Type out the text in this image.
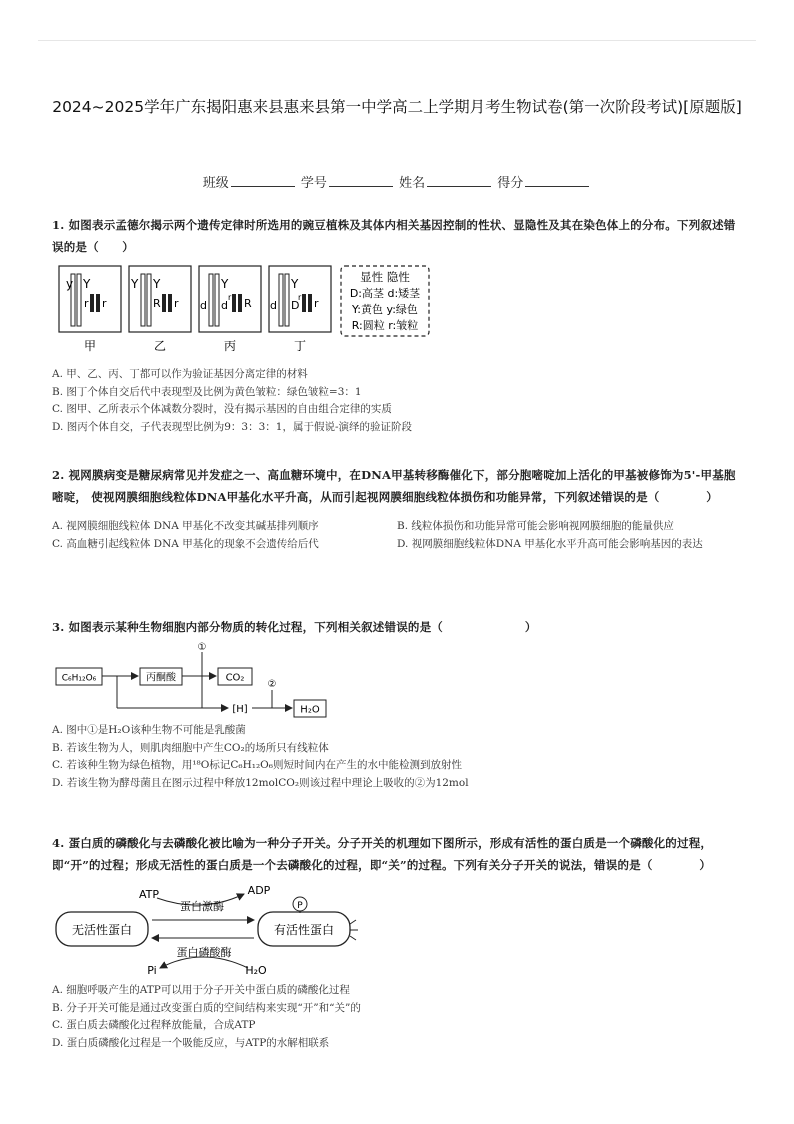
2024~2025学年广东揭阳惠来县惠来县第一中学高二上学期月考生物试卷(第一次阶段考试)[原题版]
班级	学号	姓名	得分
1. 如图表示孟德尔揭示两个遗传定律时所选用的豌豆植株及其体内相关基因控制的性状、显隐性及其在染色体上的分布。下列叙述错误的是（　　）
y Y
r r
甲
Y Y
R r
乙
Y
d d
r R
丙
Y
d D
r r
丁
显性 隐性
D:高茎 d:矮茎
Y:黄色 y:绿色
R:圆粒 r:皱粒
A. 甲、乙、丙、丁都可以作为验证基因分离定律的材料
B. 图丁个体自交后代中表现型及比例为黄色皱粒：绿色皱粒=3：1
C. 图甲、乙所表示个体减数分裂时，没有揭示基因的自由组合定律的实质
D. 图丙个体自交，子代表现型比例为9：3：3：1，属于假说-演绎的验证阶段
2. 视网膜病变是糖尿病常见并发症之一、高血糖环境中，在DNA甲基转移酶催化下，部分胞嘧啶加上活化的甲基被修饰为5'-甲基胞嘧啶， 使视网膜细胞线粒体DNA甲基化水平升高，从而引起视网膜细胞线粒体损伤和功能异常，下列叙述错误的是（　　　　）
A. 视网膜细胞线粒体 DNA 甲基化不改变其碱基排列顺序	B. 线粒体损伤和功能异常可能会影响视网膜细胞的能量供应
C. 高血糖引起线粒体 DNA 甲基化的现象不会遗传给后代	D. 视网膜细胞线粒体DNA 甲基化水平升高可能会影响基因的表达
3. 如图表示某种生物细胞内部分物质的转化过程，下列相关叙述错误的是（　　　　　　　）
C₆H₁₂O₆	丙酮酸	CO₂
①
[H]
②
H₂O
A. 图中①是H₂O该种生物不可能是乳酸菌
B. 若该生物为人，则肌肉细胞中产生CO₂的场所只有线粒体
C. 若该种生物为绿色植物，用¹⁸O标记C₆H₁₂O₆则短时间内在产生的水中能检测到放射性
D. 若该生物为酵母菌且在图示过程中释放12molCO₂则该过程中理论上吸收的②为12mol
4. 蛋白质的磷酸化与去磷酸化被比喻为一种分子开关。分子开关的机理如下图所示，形成有活性的蛋白质是一个磷酸化的过程，即“开”的过程；形成无活性的蛋白质是一个去磷酸化的过程，即“关”的过程。下列有关分子开关的说法，错误的是（　　　　）
无活性蛋白	有活性蛋白
P
ATP	ADP
蛋白激酶
蛋白磷酸酶
Pi	H₂O
A. 细胞呼吸产生的ATP可以用于分子开关中蛋白质的磷酸化过程
B. 分子开关可能是通过改变蛋白质的空间结构来实现“开”和“关”的
C. 蛋白质去磷酸化过程释放能量，合成ATP
D. 蛋白质磷酸化过程是一个吸能反应，与ATP的水解相联系
